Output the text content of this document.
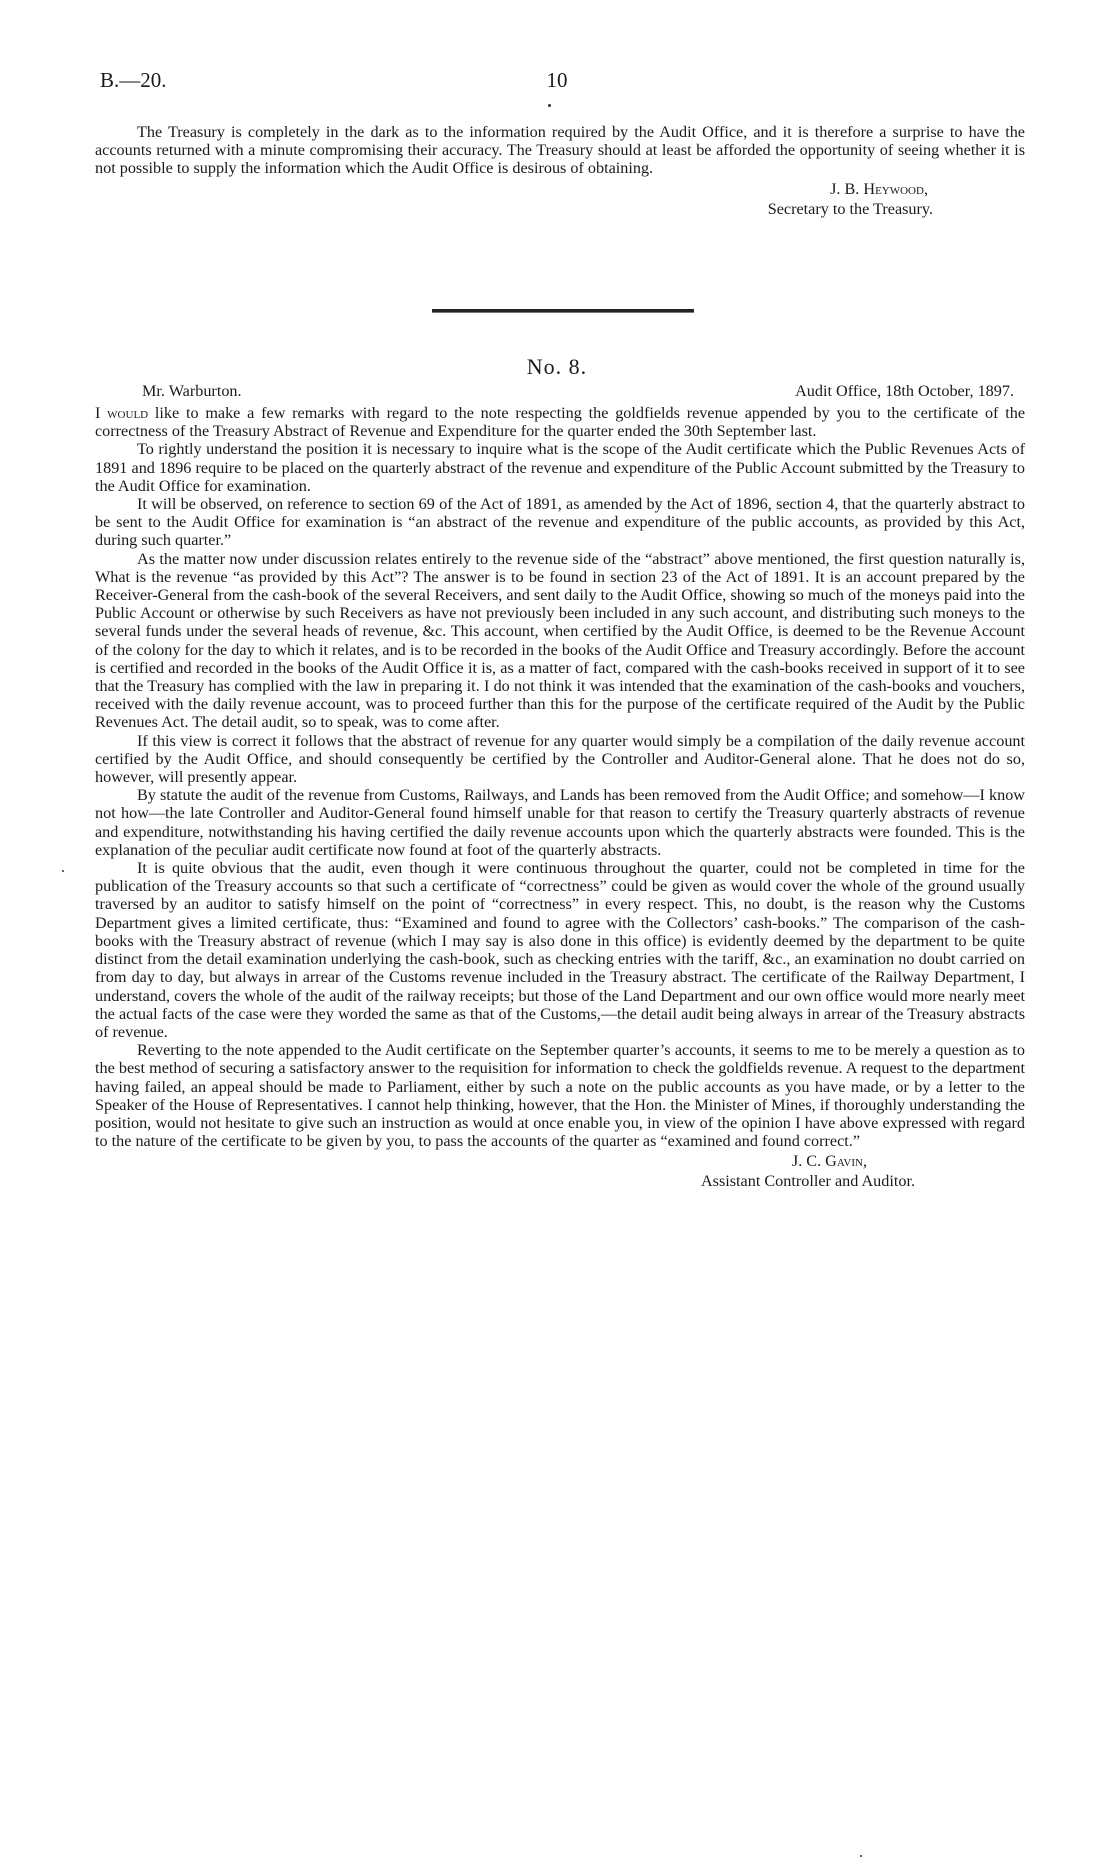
B.—20.	10

The Treasury is completely in the dark as to the information required by the Audit Office, and it is therefore a surprise to have the accounts returned with a minute compromising their accuracy. The Treasury should at least be afforded the opportunity of seeing whether it is not possible to supply the information which the Audit Office is desirous of obtaining.

J. B. Heywood,
Secretary to the Treasury.
No. 8.
Mr. Warburton.	Audit Office, 18th October, 1897.

I would like to make a few remarks with regard to the note respecting the goldfields revenue appended by you to the certificate of the correctness of the Treasury Abstract of Revenue and Expenditure for the quarter ended the 30th September last.

To rightly understand the position it is necessary to inquire what is the scope of the Audit certificate which the Public Revenues Acts of 1891 and 1896 require to be placed on the quarterly abstract of the revenue and expenditure of the Public Account submitted by the Treasury to the Audit Office for examination.

It will be observed, on reference to section 69 of the Act of 1891, as amended by the Act of 1896, section 4, that the quarterly abstract to be sent to the Audit Office for examination is “an abstract of the revenue and expenditure of the public accounts, as provided by this Act, during such quarter.”

As the matter now under discussion relates entirely to the revenue side of the “abstract” above mentioned, the first question naturally is, What is the revenue “as provided by this Act”? The answer is to be found in section 23 of the Act of 1891. It is an account prepared by the Receiver-General from the cash-book of the several Receivers, and sent daily to the Audit Office, showing so much of the moneys paid into the Public Account or otherwise by such Receivers as have not previously been included in any such account, and distributing such moneys to the several funds under the several heads of revenue, &c. This account, when certified by the Audit Office, is deemed to be the Revenue Account of the colony for the day to which it relates, and is to be recorded in the books of the Audit Office and Treasury accordingly. Before the account is certified and recorded in the books of the Audit Office it is, as a matter of fact, compared with the cash-books received in support of it to see that the Treasury has complied with the law in preparing it. I do not think it was intended that the examination of the cash-books and vouchers, received with the daily revenue account, was to proceed further than this for the purpose of the certificate required of the Audit by the Public Revenues Act. The detail audit, so to speak, was to come after.

If this view is correct it follows that the abstract of revenue for any quarter would simply be a compilation of the daily revenue account certified by the Audit Office, and should consequently be certified by the Controller and Auditor-General alone. That he does not do so, however, will presently appear.

By statute the audit of the revenue from Customs, Railways, and Lands has been removed from the Audit Office; and somehow—I know not how—the late Controller and Auditor-General found himself unable for that reason to certify the Treasury quarterly abstracts of revenue and expenditure, notwithstanding his having certified the daily revenue accounts upon which the quarterly abstracts were founded. This is the explanation of the peculiar audit certificate now found at foot of the quarterly abstracts.

It is quite obvious that the audit, even though it were continuous throughout the quarter, could not be completed in time for the publication of the Treasury accounts so that such a certificate of “correctness” could be given as would cover the whole of the ground usually traversed by an auditor to satisfy himself on the point of “correctness” in every respect. This, no doubt, is the reason why the Customs Department gives a limited certificate, thus: “Examined and found to agree with the Collectors’ cash-books.” The comparison of the cash-books with the Treasury abstract of revenue (which I may say is also done in this office) is evidently deemed by the department to be quite distinct from the detail examination underlying the cash-book, such as checking entries with the tariff, &c., an examination no doubt carried on from day to day, but always in arrear of the Customs revenue included in the Treasury abstract. The certificate of the Railway Department, I understand, covers the whole of the audit of the railway receipts; but those of the Land Department and our own office would more nearly meet the actual facts of the case were they worded the same as that of the Customs,—the detail audit being always in arrear of the Treasury abstracts of revenue.

Reverting to the note appended to the Audit certificate on the September quarter’s accounts, it seems to me to be merely a question as to the best method of securing a satisfactory answer to the requisition for information to check the goldfields revenue. A request to the department having failed, an appeal should be made to Parliament, either by such a note on the public accounts as you have made, or by a letter to the Speaker of the House of Representatives. I cannot help thinking, however, that the Hon. the Minister of Mines, if thoroughly understanding the position, would not hesitate to give such an instruction as would at once enable you, in view of the opinion I have above expressed with regard to the nature of the certificate to be given by you, to pass the accounts of the quarter as “examined and found correct.”

J. C. Gavin,
Assistant Controller and Auditor.
